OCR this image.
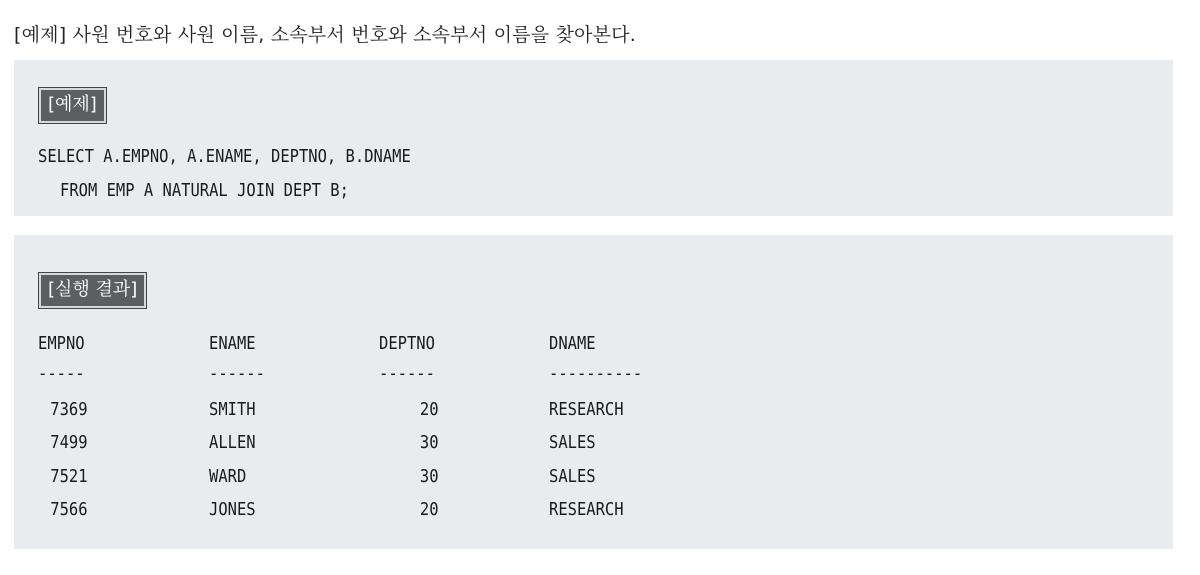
[예제] 사원 번호와 사원 이름, 소속부서 번호와 소속부서 이름을 찾아본다.
[예제]
SELECT A.EMPNO, A.ENAME, DEPTNO, B.DNAME
FROM EMP A NATURAL JOIN DEPT B;
[실행 결과]
EMPNO	ENAME	DEPTNO	DNAME
-----	------	------	----------
7369	SMITH	20	RESEARCH
7499	ALLEN	30	SALES
7521	WARD	30	SALES
7566	JONES	20	RESEARCH
